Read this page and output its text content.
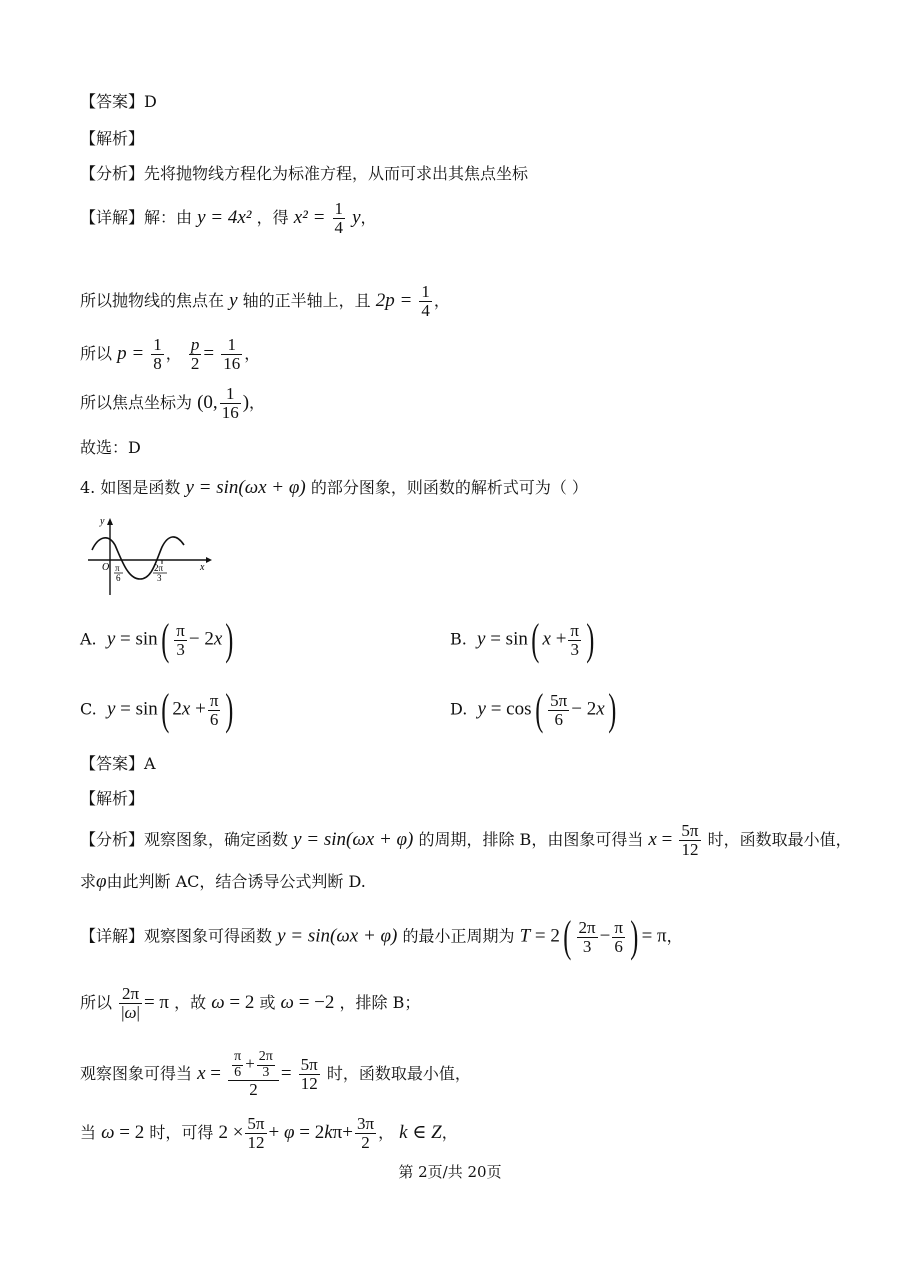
【答案】D
【解析】
【分析】先将抛物线方程化为标准方程，从而可求出其焦点坐标
【详解】解：由 y = 4x² ，得 $x^2 = \frac{1}{4}$ y，
所以抛物线的焦点在 y 轴的正半轴上，且 $2p = \frac{1}{4}$ ，
所以 $p = \frac{1}{8}$ ， $\frac{p}{2} = \frac{1}{16}$ ，
所以焦点坐标为 (0, $\frac{1}{16}$ )，
故选：D
4. 如图是函数 y = sin(ωx + φ) 的部分图象，则函数的解析式可为（ ）
y
x
O π
6
2π
3
A. $y = \sin( \frac{\pi}{3} - 2x)$	B. y = sin( $x + \frac{\pi}{3}$ )
C. y = sin( $2x + \frac{\pi}{6}$ )	D. $y = \cos( \frac{5\pi}{6} - 2x)$
【答案】A
【解析】
【分析】观察图象，确定函数 y = sin(ωx + φ) 的周期，排除 B，由图象可得当 $x = \frac{5\pi}{12}$ 时，函数取最小值，
求φ由此判断 AC，结合诱导公式判断 D.
【详解】观察图象可得函数 y = sin(ωx + φ) 的最小正周期为 $T = 2( \frac{2\pi}{3} - \frac{\pi}{6}$ ) = π，
所以 $\frac{2\pi}{|\omega|} = \pi$ ，故 ω = 2 或 ω = −2 ，排除 B；
观察图象可得当 $x = \frac{\frac{\pi}{6} + \frac{2\pi}{3}}{2} = \frac{5\pi}{12}$ 时，函数取最小值，
当 ω = 2 时，可得 $2 \times \frac{5\pi}{12} + \varphi = 2k\pi+ \frac{3\pi}{2}$ ， k ∈ Z，
第 2页/共 20页
